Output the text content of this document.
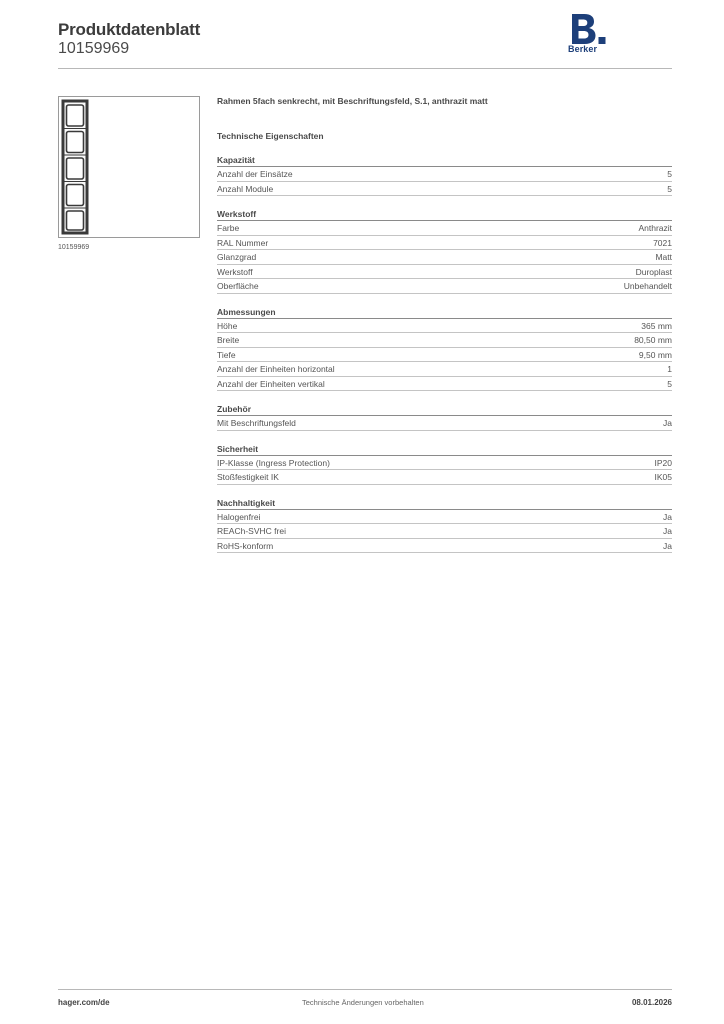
Produktdatenblatt
10159969	Berker
10159969
Rahmen 5fach senkrecht, mit Beschriftungsfeld, S.1, anthrazit matt
Technische Eigenschaften
Kapazität
Anzahl der Einsätze	5
Anzahl Module	5
Werkstoff
Farbe	Anthrazit
RAL Nummer	7021
Glanzgrad	Matt
Werkstoff	Duroplast
Oberfläche	Unbehandelt
Abmessungen
Höhe	365 mm
Breite	80,50 mm
Tiefe	9,50 mm
Anzahl der Einheiten horizontal	1
Anzahl der Einheiten vertikal	5
Zubehör
Mit Beschriftungsfeld	Ja
Sicherheit
IP-Klasse (Ingress Protection)	IP20
Stoßfestigkeit IK	IK05
Nachhaltigkeit
Halogenfrei	Ja
REACh-SVHC frei	Ja
RoHS-konform	Ja
hager.com/de	Technische Änderungen vorbehalten	08.01.2026
